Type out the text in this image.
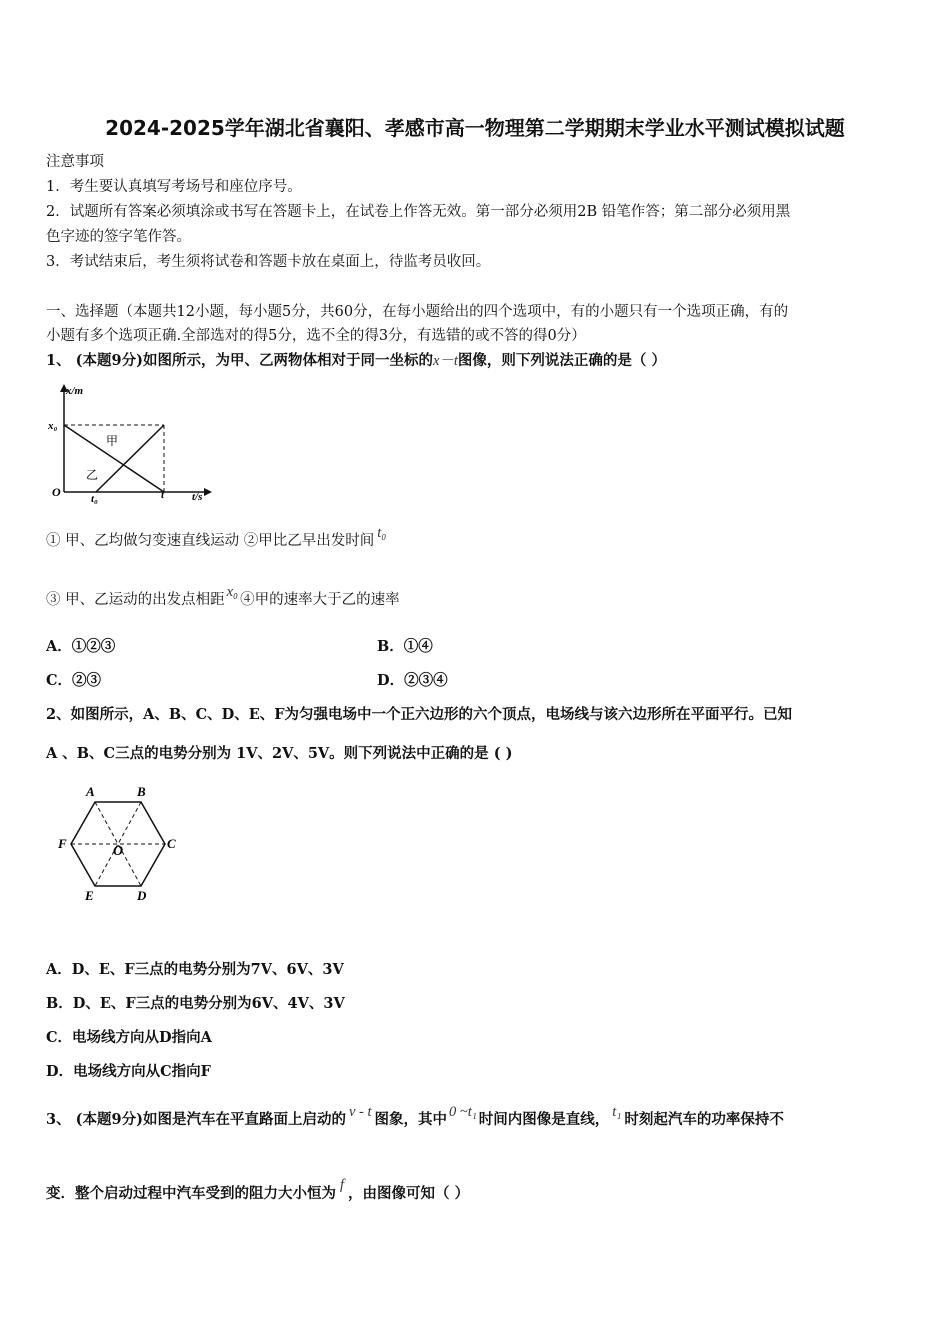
2024-2025学年湖北省襄阳、孝感市高一物理第二学期期末学业水平测试模拟试题
注意事项
1．考生要认真填写考场号和座位序号。
2．试题所有答案必须填涂或书写在答题卡上，在试卷上作答无效。第一部分必须用2B 铅笔作答；第二部分必须用黑
色字迹的签字笔作答。
3．考试结束后，考生须将试卷和答题卡放在桌面上，待监考员收回。
一、选择题（本题共12小题，每小题5分，共60分，在每小题给出的四个选项中，有的小题只有一个选项正确，有的
小题有多个选项正确.全部选对的得5分，选不全的得3分，有选错的或不答的得0分）
1、 (本题9分)如图所示，为甲、乙两物体相对于同一坐标的x－t图像，则下列说法正确的是（ ）
x/m
t/s
x₀
O	t₀	t
甲
乙
① 甲、乙均做匀变速直线运动 ②甲比乙早出发时间 t₀
③ 甲、乙运动的出发点相距 x₀ ④甲的速率大于乙的速率
A．①②③	B．①④
C．②③	D．②③④
2、如图所示，A、B、C、D、E、F为匀强电场中一个正六边形的六个顶点，电场线与该六边形所在平面平行。已知
A 、B、C三点的电势分别为 1V、2V、5V。则下列说法中正确的是 ( )
A	B
C
D
E
F
O
A．D、E、F三点的电势分别为7V、6V、3V
B．D、E、F三点的电势分别为6V、4V、3V
C．电场线方向从D指向A
D．电场线方向从C指向F
3、 (本题9分)如图是汽车在平直路面上启动的 v - t 图象，其中 0 ~t₁ 时间内图像是直线， t₁ 时刻起汽车的功率保持不
变．整个启动过程中汽车受到的阻力大小恒为 f ，由图像可知（ ）
